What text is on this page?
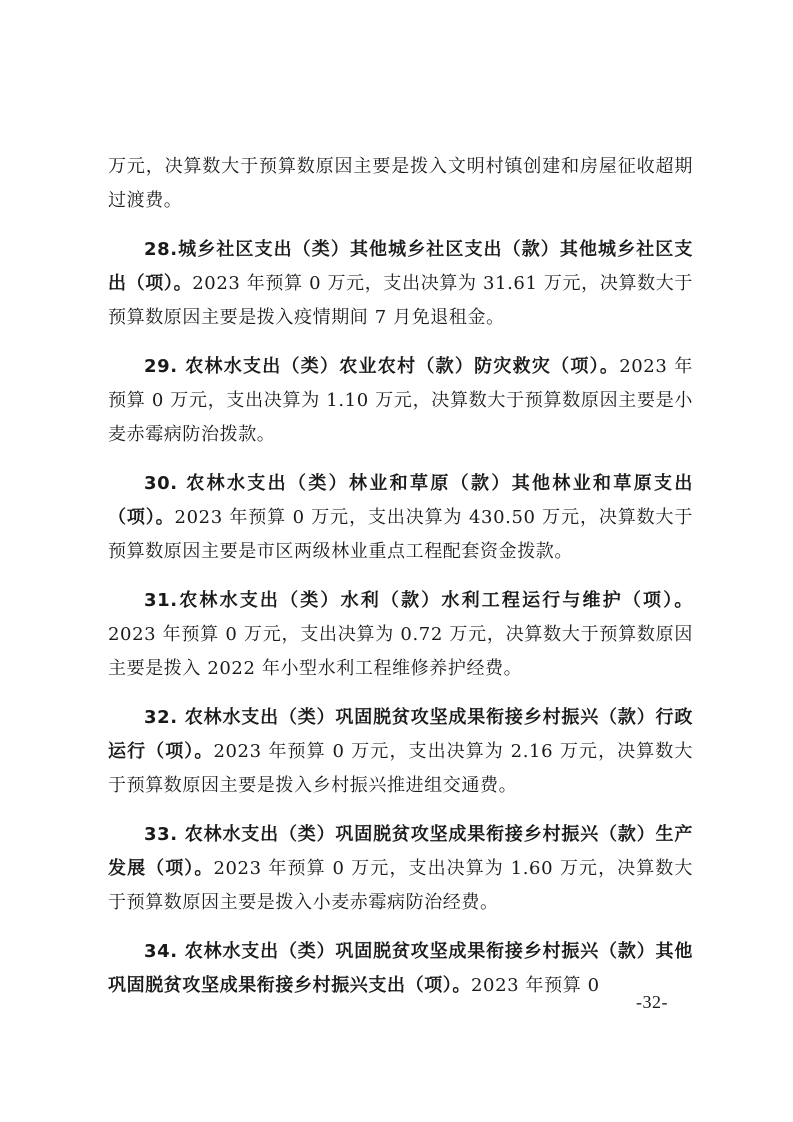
万元，决算数大于预算数原因主要是拨入文明村镇创建和房屋征收超期过渡费。

28.城乡社区支出（类）其他城乡社区支出（款）其他城乡社区支出（项）。2023 年预算 0 万元，支出决算为 31.61 万元，决算数大于预算数原因主要是拨入疫情期间 7 月免退租金。

29. 农林水支出（类）农业农村（款）防灾救灾（项）。2023 年预算 0 万元，支出决算为 1.10 万元，决算数大于预算数原因主要是小麦赤霉病防治拨款。

30. 农林水支出（类）林业和草原（款）其他林业和草原支出（项）。2023 年预算 0 万元，支出决算为 430.50 万元，决算数大于预算数原因主要是市区两级林业重点工程配套资金拨款。

31.农林水支出（类）水利（款）水利工程运行与维护（项）。2023 年预算 0 万元，支出决算为 0.72 万元，决算数大于预算数原因主要是拨入 2022 年小型水利工程维修养护经费。

32. 农林水支出（类）巩固脱贫攻坚成果衔接乡村振兴（款）行政运行（项）。2023 年预算 0 万元，支出决算为 2.16 万元，决算数大于预算数原因主要是拨入乡村振兴推进组交通费。

33. 农林水支出（类）巩固脱贫攻坚成果衔接乡村振兴（款）生产发展（项）。2023 年预算 0 万元，支出决算为 1.60 万元，决算数大于预算数原因主要是拨入小麦赤霉病防治经费。

34. 农林水支出（类）巩固脱贫攻坚成果衔接乡村振兴（款）其他巩固脱贫攻坚成果衔接乡村振兴支出（项）。2023 年预算 0

-32-
